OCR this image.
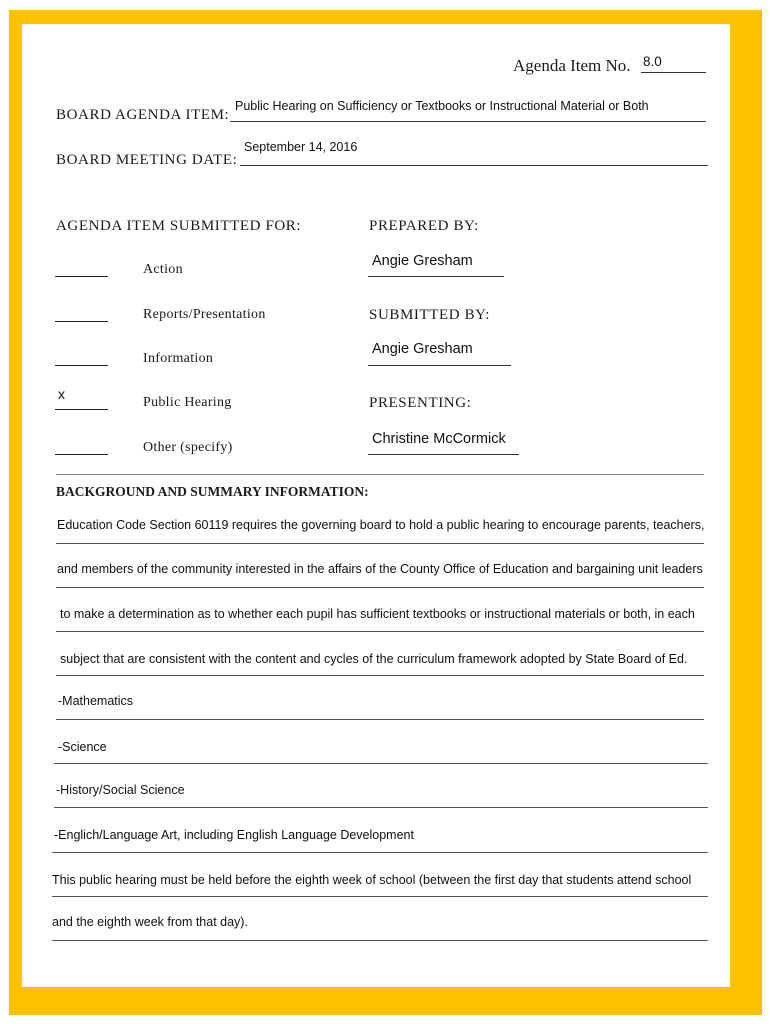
Agenda Item No. 8.0
BOARD AGENDA ITEM:
Public Hearing on Sufficiency or Textbooks or Instructional Material or Both
BOARD MEETING DATE:
September 14, 2016
AGENDA ITEM SUBMITTED FOR:
Action
Reports/Presentation
Information
x
Public Hearing
Other (specify)
PREPARED BY:
Angie Gresham
SUBMITTED BY:
Angie Gresham
PRESENTING:
Christine McCormick
BACKGROUND AND SUMMARY INFORMATION:
Education Code Section 60119 requires the governing board to hold a public hearing to encourage parents, teachers,
and members of the community interested in the affairs of the County Office of Education and bargaining unit leaders
to make a determination as to whether each pupil has sufficient textbooks or instructional materials or both, in each
subject that are consistent with the content and cycles of the curriculum framework adopted by State Board of Ed.
-Mathematics
-Science
-History/Social Science
-Englich/Language Art, including English Language Development
This public hearing must be held before the eighth week of school (between the first day that students attend school
and the eighth week from that day).
